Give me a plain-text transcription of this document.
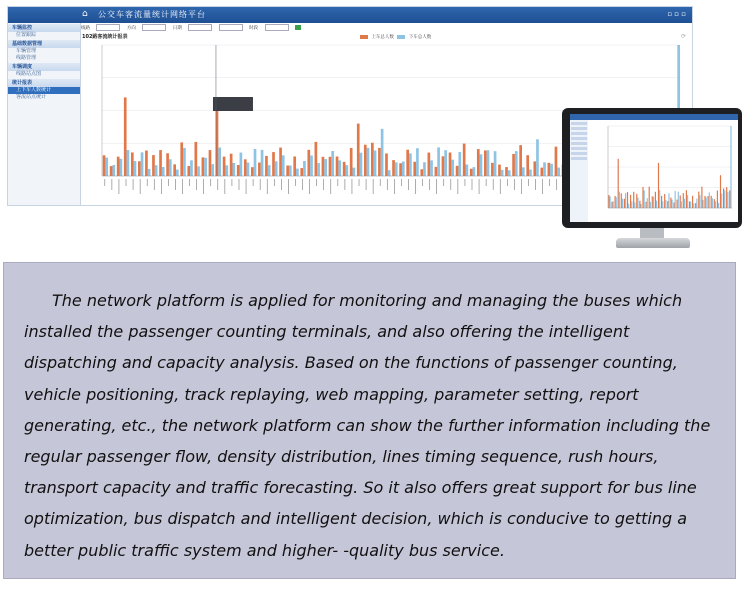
⌂ 公交车客流量统计网络平台	▫ ▫ ▫
车辆监控
位置跟踪
基础数据管理
车辆管理
线路管理
车辆调度
线路站点图
统计报表
上下车人数统计
客流站点统计
线路	方向	日期	时段
102路客流统计报表	上车总人数	下车总人数	⟳

The network platform is applied for monitoring and managing the buses which installed the passenger counting terminals, and also offering the intelligent dispatching and capacity analysis. Based on the functions of passenger counting, vehicle positioning, track replaying, web mapping, parameter setting, report generating, etc., the network platform can show the further information including the regular passenger flow, density distribution, lines timing sequence, rush hours, transport capacity and traffic forecasting. So it also offers great support for bus line optimization, bus dispatch and intelligent decision, which is conducive to getting a better public traffic system and higher- -quality bus service.
